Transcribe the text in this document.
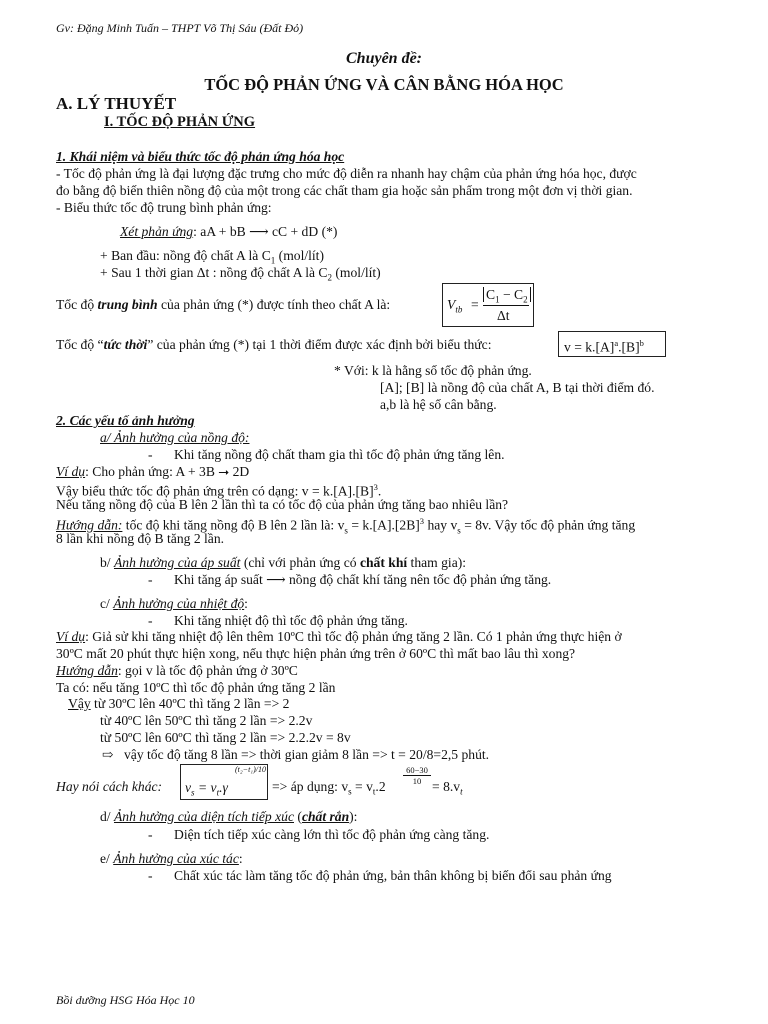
Gv: Đặng Minh Tuấn – THPT Võ Thị Sáu (Đất Đỏ)
Chuyên đề:
TỐC ĐỘ PHẢN ỨNG VÀ CÂN BẰNG HÓA HỌC
A. LÝ THUYẾT
I. TỐC ĐỘ PHẢN ỨNG
1. Khái niệm và biểu thức tốc độ phản ứng hóa học
- Tốc độ phản ứng là đại lượng đặc trưng cho mức độ diễn ra nhanh hay chậm của phản ứng hóa học, được
đo bằng độ biến thiên nồng độ của một trong các chất tham gia hoặc sản phẩm trong một đơn vị thời gian.
- Biểu thức tốc độ trung bình phản ứng:
Xét phản ứng: aA + bB ⟶ cC + dD (*)
+ Ban đầu: nồng độ chất A là $C_1$ (mol/lít)
+ Sau 1 thời gian Δt : nồng độ chất A là $C_2$ (mol/lít)
Tốc độ trung bình của phản ứng (*) được tính theo chất A là:	$V_{tb}$ =
$C_1 - C_2$
Δt
Tốc độ “tức thời” của phản ứng (*) tại 1 thời điểm được xác định bởi biểu thức:	$v = k.[A]^a.[B]^b$
* Với: k là hằng số tốc độ phản ứng.
[A]; [B] là nồng độ của chất A, B tại thời điểm đó.
a,b là hệ số cân bằng.
2. Các yếu tố ảnh hưởng
a/ Ảnh hưởng của nồng độ:
- Khi tăng nồng độ chất tham gia thì tốc độ phản ứng tăng lên.
Ví dụ: Cho phản ứng: A + 3B ⭢ 2D
Vậy biểu thức tốc độ phản ứng trên có dạng: $v = k.[A].[B]^3$.
Nếu tăng nồng độ của B lên 2 lần thì ta có tốc độ của phản ứng tăng bao nhiêu lần?
Hướng dẫn: tốc độ khi tăng nồng độ B lên 2 lần là: $v_s = k.[A].[2B]^3$ hay $v_s = 8v$. Vậy tốc độ phản ứng tăng
8 lần khi nồng độ B tăng 2 lần.
b/ Ảnh hưởng của áp suất (chỉ với phản ứng có chất khí tham gia):
- Khi tăng áp suất ⟶ nồng độ chất khí tăng nên tốc độ phản ứng tăng.
c/ Ảnh hưởng của nhiệt độ:
- Khi tăng nhiệt độ thì tốc độ phản ứng tăng.
Ví dụ: Giả sử khi tăng nhiệt độ lên thêm 10ºC thì tốc độ phản ứng tăng 2 lần. Có 1 phản ứng thực hiện ở
30ºC mất 20 phút thực hiện xong, nếu thực hiện phản ứng trên ở 60ºC thì mất bao lâu thì xong?
Hướng dẫn: gọi v là tốc độ phản ứng ở 30ºC
Ta có: nếu tăng 10ºC thì tốc độ phản ứng tăng 2 lần
Vậy từ 30ºC lên 40ºC thì tăng 2 lần => 2
từ 40ºC lên 50ºC thì tăng 2 lần => 2.2v
từ 50ºC lên 60ºC thì tăng 2 lần => 2.2.2v = 8v
⇨ vậy tốc độ tăng 8 lần => thời gian giảm 8 lần => t = 20/8=2,5 phút.
Hay nói cách khác: $v_s = v_t.\gamma$
(t₂−t₁)/10
=> áp dụng: $v_s = v_t.2$
60−30
$10 = 8.v_t$
d/ Ảnh hưởng của diện tích tiếp xúc (chất rắn):
- Diện tích tiếp xúc càng lớn thì tốc độ phản ứng càng tăng.
e/ Ảnh hưởng của xúc tác:
- Chất xúc tác làm tăng tốc độ phản ứng, bản thân không bị biến đổi sau phản ứng
Bồi dưỡng HSG Hóa Học 10
